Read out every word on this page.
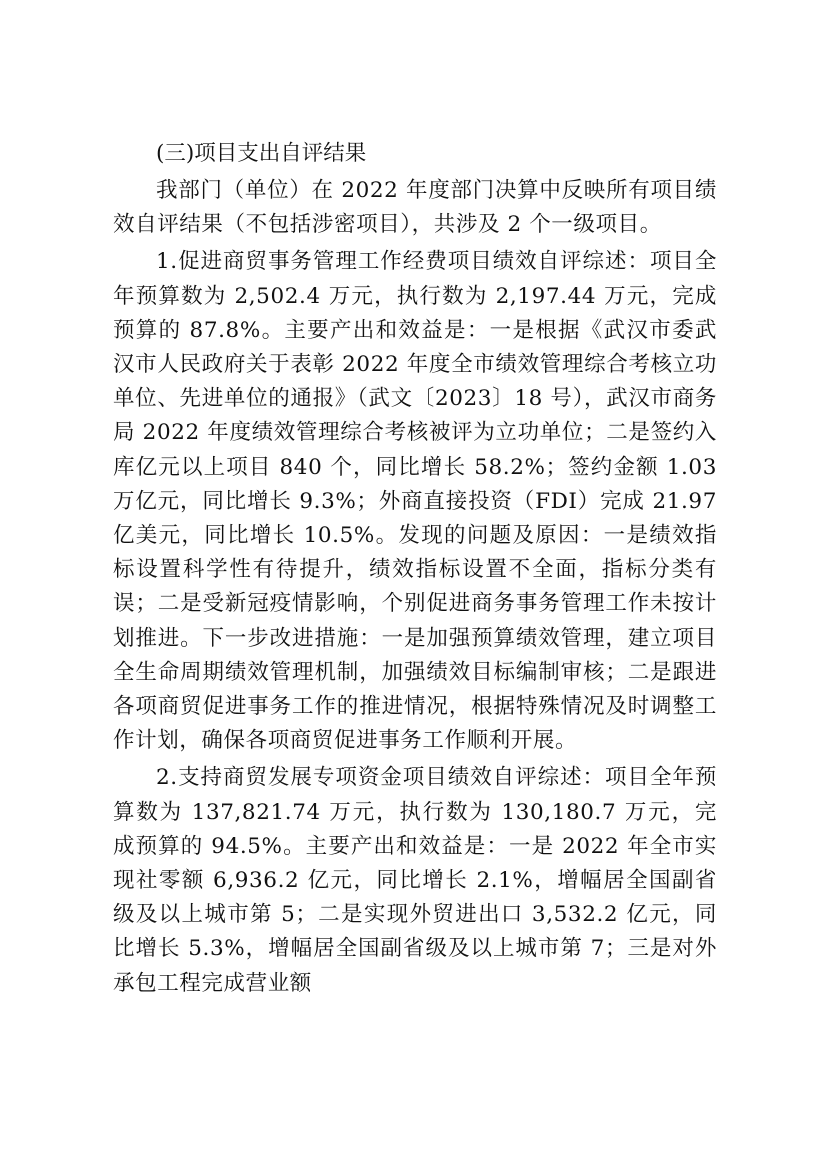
(三)项目支出自评结果

我部门（单位）在 2022 年度部门决算中反映所有项目绩效自评结果（不包括涉密项目），共涉及 2 个一级项目。

1.促进商贸事务管理工作经费项目绩效自评综述：项目全年预算数为 2,502.4 万元，执行数为 2,197.44 万元，完成预算的 87.8%。主要产出和效益是：一是根据《武汉市委武汉市人民政府关于表彰 2022 年度全市绩效管理综合考核立功单位、先进单位的通报》（武文〔2023〕18 号），武汉市商务局 2022 年度绩效管理综合考核被评为立功单位；二是签约入库亿元以上项目 840 个，同比增长 58.2%；签约金额 1.03 万亿元，同比增长 9.3%；外商直接投资（FDI）完成 21.97 亿美元，同比增长 10.5%。发现的问题及原因：一是绩效指标设置科学性有待提升，绩效指标设置不全面，指标分类有误；二是受新冠疫情影响，个别促进商务事务管理工作未按计划推进。下一步改进措施：一是加强预算绩效管理，建立项目全生命周期绩效管理机制，加强绩效目标编制审核；二是跟进各项商贸促进事务工作的推进情况，根据特殊情况及时调整工作计划，确保各项商贸促进事务工作顺利开展。

2.支持商贸发展专项资金项目绩效自评综述：项目全年预算数为 137,821.74 万元，执行数为 130,180.7 万元，完成预算的 94.5%。主要产出和效益是：一是 2022 年全市实现社零额 6,936.2 亿元，同比增长 2.1%，增幅居全国副省级及以上城市第 5；二是实现外贸进出口 3,532.2 亿元，同比增长 5.3%，增幅居全国副省级及以上城市第 7；三是对外承包工程完成营业额
